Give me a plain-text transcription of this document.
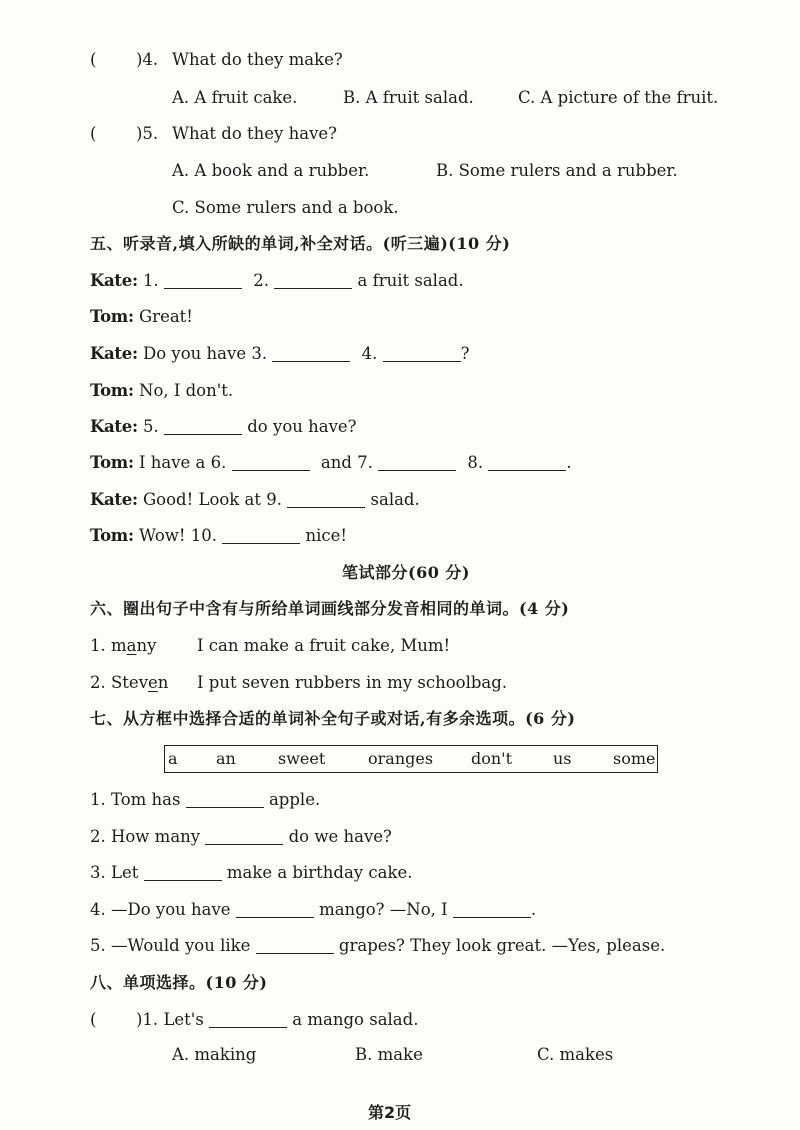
( )4. What do they make?
A. A fruit cake.	B. A fruit salad.	C. A picture of the fruit.
( )5. What do they have?
A. A book and a rubber.	B. Some rulers and a rubber.
C. Some rulers and a book.
五、听录音,填入所缺的单词,补全对话。(听三遍)(10 分)
Kate: 1.	2.	a fruit salad.
Tom: Great!
Kate: Do you have 3.	4.	?
Tom: No, I don't.
Kate: 5.	do you have?
Tom: I have a 6.	and 7.	8.	.
Kate: Good! Look at 9.	salad.
Tom: Wow! 10.	nice!
笔试部分(60 分)
六、圈出句子中含有与所给单词画线部分发音相同的单词。(4 分)
1. many I can make a fruit cake, Mum!
2. Steven I put seven rubbers in my schoolbag.
七、从方框中选择合适的单词补全句子或对话,有多余选项。(6 分)
a an	sweet	oranges don't	us	some
1. Tom has	apple.
2. How many	do we have?
3. Let	make a birthday cake.
4. —Do you have	mango? —No, I	.
5. —Would you like	grapes? They look great. —Yes, please.
八、单项选择。(10 分)
( )1. Let's	a mango salad.
A. making	B. make	C. makes
第2页
